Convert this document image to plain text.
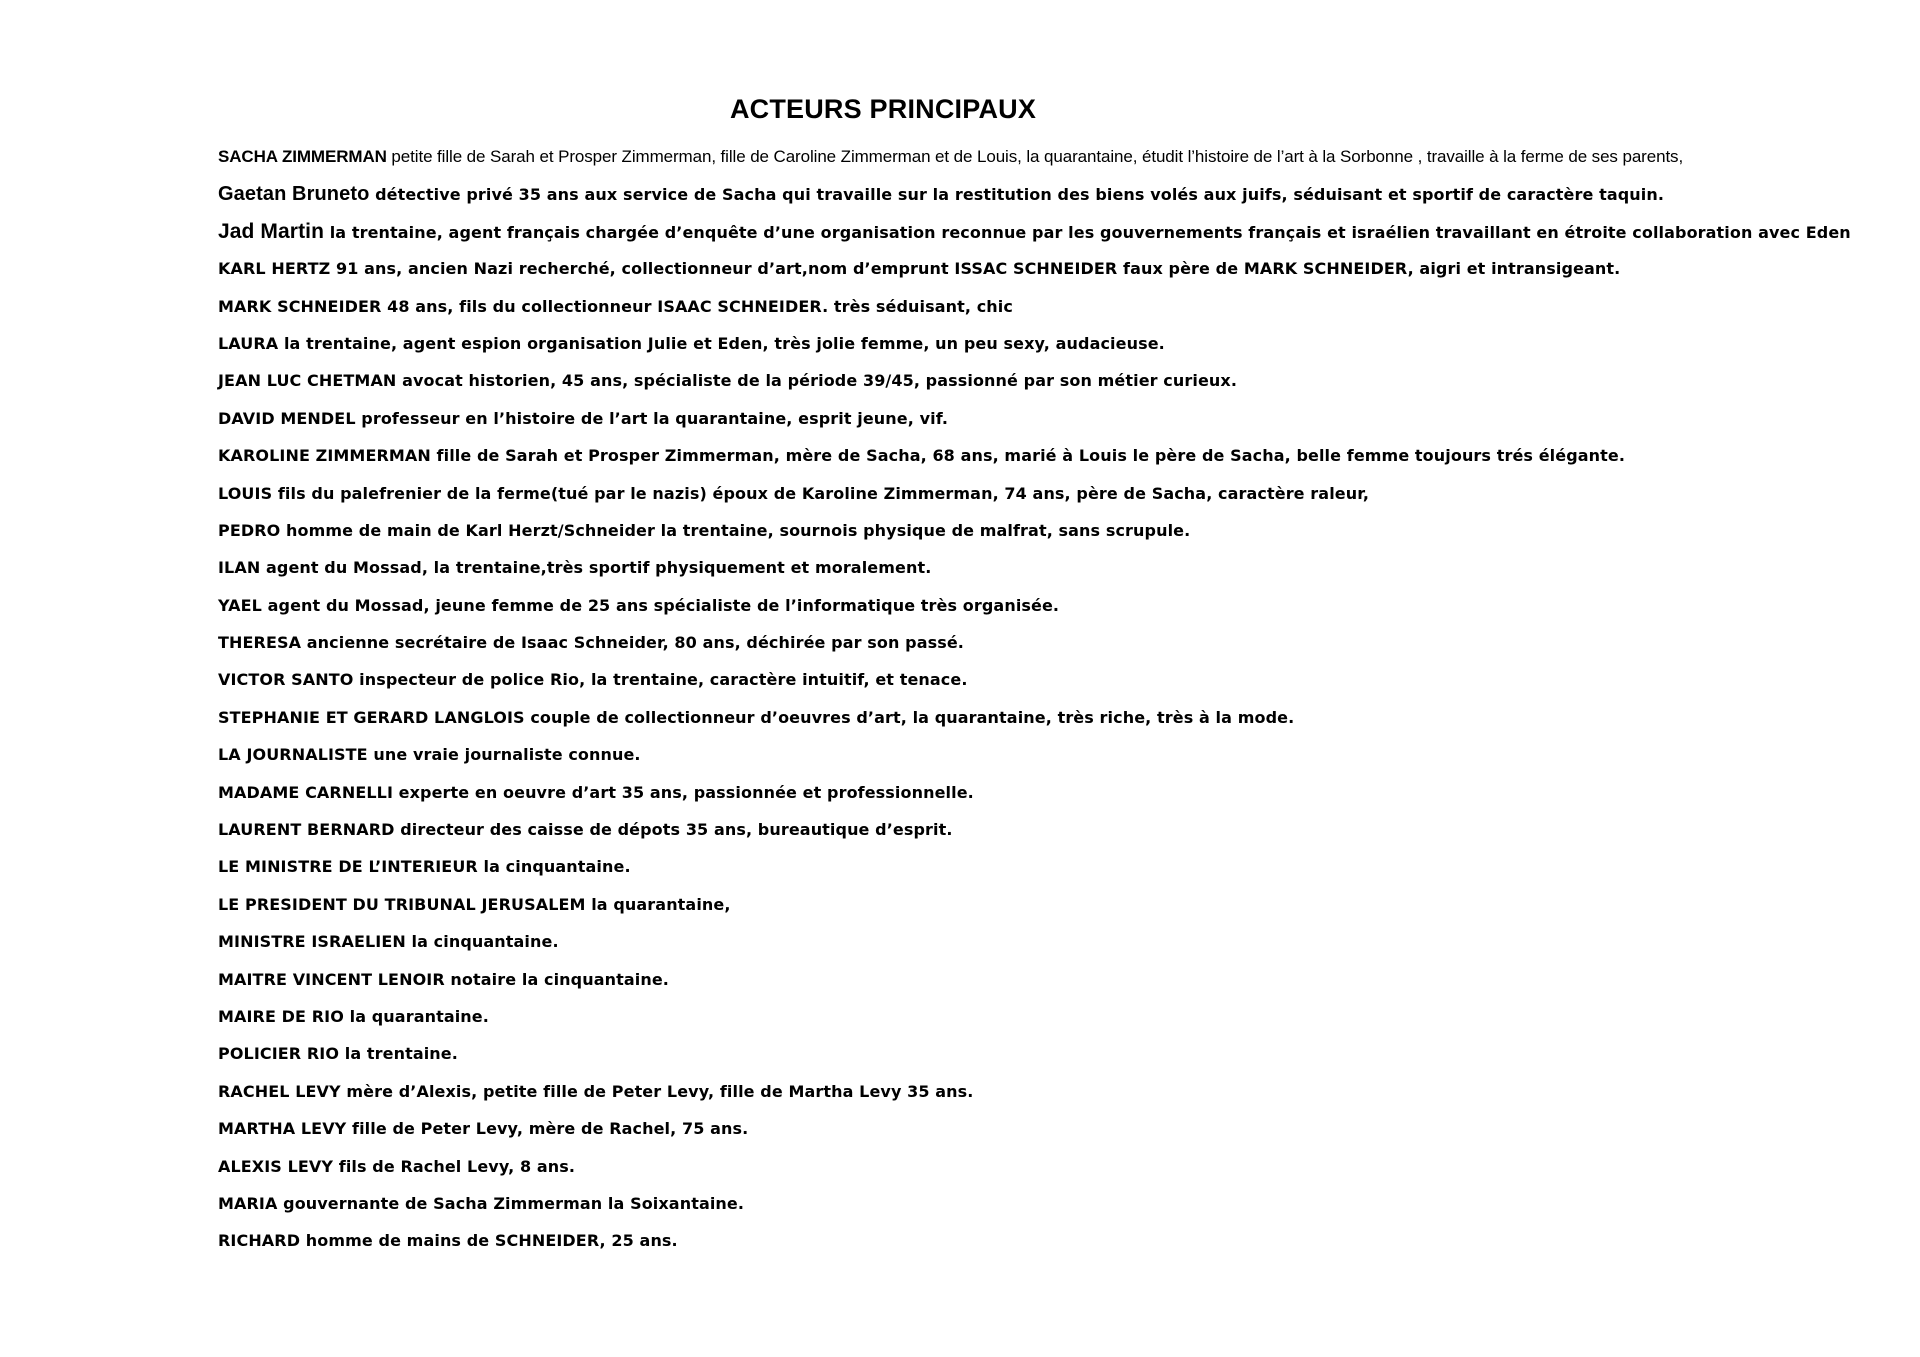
ACTEURS PRINCIPAUX
SACHA ZIMMERMAN petite fille de Sarah et Prosper Zimmerman, fille de Caroline Zimmerman et de Louis, la quarantaine, étudit l’histoire de l’art à la Sorbonne , travaille à la ferme de ses parents,
Gaetan Bruneto détective privé 35 ans aux service de Sacha qui travaille sur la restitution des biens volés aux juifs, séduisant et sportif de caractère taquin.
Jad Martin la trentaine, agent français chargée d’enquête d’une organisation reconnue par les gouvernements français et israélien travaillant en étroite collaboration avec Eden
KARL HERTZ 91 ans, ancien Nazi recherché, collectionneur d’art,nom d’emprunt ISSAC SCHNEIDER faux père de MARK SCHNEIDER, aigri et intransigeant.
MARK SCHNEIDER 48 ans, fils du collectionneur ISAAC SCHNEIDER. très séduisant, chic
LAURA la trentaine, agent espion organisation Julie et Eden, très jolie femme, un peu sexy, audacieuse.
JEAN LUC CHETMAN avocat historien, 45 ans, spécialiste de la période 39/45, passionné par son métier curieux.
DAVID MENDEL professeur en l’histoire de l’art la quarantaine, esprit jeune, vif.
KAROLINE ZIMMERMAN fille de Sarah et Prosper Zimmerman, mère de Sacha, 68 ans, marié à Louis le père de Sacha, belle femme toujours trés élégante.
LOUIS fils du palefrenier de la ferme(tué par le nazis) époux de Karoline Zimmerman, 74 ans, père de Sacha, caractère raleur,
PEDRO homme de main de Karl Herzt/Schneider la trentaine, sournois physique de malfrat, sans scrupule.
ILAN agent du Mossad, la trentaine,très sportif physiquement et moralement.
YAEL agent du Mossad, jeune femme de 25 ans spécialiste de l’informatique très organisée.
THERESA ancienne secrétaire de Isaac Schneider, 80 ans, déchirée par son passé.
VICTOR SANTO inspecteur de police Rio, la trentaine, caractère intuitif, et tenace.
STEPHANIE ET GERARD LANGLOIS couple de collectionneur d’oeuvres d’art, la quarantaine, très riche, très à la mode.
LA JOURNALISTE une vraie journaliste connue.
MADAME CARNELLI experte en oeuvre d’art 35 ans, passionnée et professionnelle.
LAURENT BERNARD directeur des caisse de dépots 35 ans, bureautique d’esprit.
LE MINISTRE DE L’INTERIEUR la cinquantaine.
LE PRESIDENT DU TRIBUNAL JERUSALEM la quarantaine,
MINISTRE ISRAELIEN la cinquantaine.
MAITRE VINCENT LENOIR notaire la cinquantaine.
MAIRE DE RIO la quarantaine.
POLICIER RIO la trentaine.
RACHEL LEVY mère d’Alexis, petite fille de Peter Levy, fille de Martha Levy 35 ans.
MARTHA LEVY fille de Peter Levy, mère de Rachel, 75 ans.
ALEXIS LEVY fils de Rachel Levy, 8 ans.
MARIA gouvernante de Sacha Zimmerman la Soixantaine.
RICHARD homme de mains de SCHNEIDER, 25 ans.
